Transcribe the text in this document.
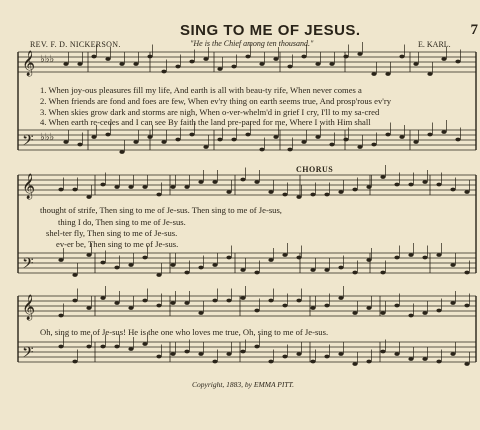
SING TO ME OF JESUS.	7
REV. F. D. NICKERSON.	"He is the Chief among ten thousand."	E. KARL.
𝄞
𝄢
𝄞
𝄢
𝄞
𝄢
♭♭♭
♭♭♭
1. When joy-ous pleasures fill my life, And earth is all with beau-ty rife, When never comes a
2. When friends are fond and foes are few, When ev'ry thing on earth seems true, And prosp'rous ev'ry
3. When skies grow dark and storms are nigh, When o-ver-whelm'd in grief I cry, I'll to my sa-cred
4. When earth re-cedes and I can see By faith the land pre-pared for me, Where I with Him shall
CHORUS
thought of strife, Then sing to me of Je-sus. Then sing to me of Je-sus,
thing I do, Then sing to me of Je-sus.
shel-ter fly, Then sing to me of Je-sus.
ev-er be, Then sing to me of Je-sus.
Oh, sing to me of Je-sus! He is the one who loves me true, Oh, sing to me of Je-sus.
Copyright, 1883, by EMMA PITT.
